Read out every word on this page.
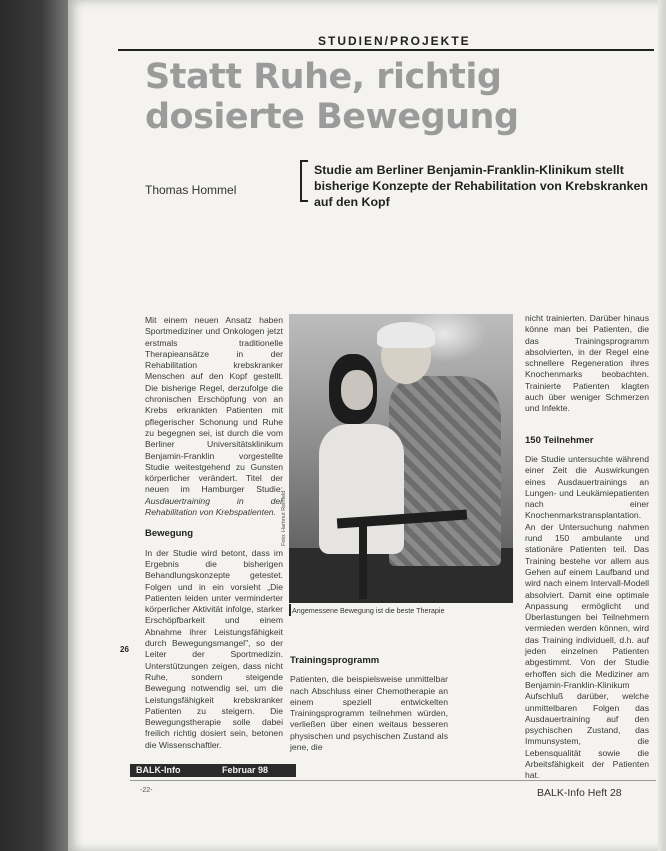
STUDIEN/PROJEKTE
Statt Ruhe, richtig dosierte Bewegung
Thomas Hommel
Studie am Berliner Benjamin-Franklin-Klinikum stellt bisherige Konzepte der Rehabilitation von Krebskranken auf den Kopf

Mit einem neuen Ansatz haben Sportmediziner und Onkologen jetzt erstmals traditionelle Therapieansätze in der Rehabilitation krebskranker Menschen auf den Kopf gestellt. Die bisherige Regel, derzufolge die chronischen Erschöpfung von an Krebs erkrankten Patienten mit pflegerischer Schonung und Ruhe zu begegnen sei, ist durch die vom Berliner Universitätsklinikum Benjamin-Franklin vorgestellte Studie weitestgehend zu Gunsten körperlicher verändert. Titel der neuen im Hamburger Studie: Ausdauertraining in der Rehabilitation von Krebspatienten.

Bewegung

In der Studie wird betont, dass im Ergebnis die bisherigen Behandlungskonzepte getestet. Folgen und in ein vorsieht „Die Patienten leiden unter verminderter körperlicher Aktivität infolge, starker Erschöpfbarkeit und einem Abnahme ihrer Leistungsfähigkeit durch Bewegungsmangel", so der Leiter der Sportmedizin. Unterstützungen zeigen, dass nicht Ruhe, sondern steigende Bewegung notwendig sei, um die Leistungsfähigkeit krebskranker Patienten zu steigern. Die Bewegungstherapie solle dabei freilich richtig dosiert sein, betonen die Wissenschaftler.

Foto: Hartmut Reinfeld
Angemessene Bewegung ist die beste Therapie
Trainingsprogramm

Patienten, die beispielsweise unmittelbar nach Abschluss einer Chemotherapie an einem speziell entwickelten Trainingsprogramm teilnehmen würden, verließen über einen weitaus besseren physischen und psychischen Zustand als jene, die

nicht trainierten. Darüber hinaus könne man bei Patienten, die das Trainingsprogramm absolvierten, in der Regel eine schnellere Regeneration ihres Knochenmarks beobachten. Trainierte Patienten klagten auch über weniger Schmerzen und Infekte.

150 Teilnehmer

Die Studie untersuchte während einer Zeit die Auswirkungen eines Ausdauertrainings an Lungen- und Leukämiepatienten nach einer Knochenmarkstransplantation. An der Untersuchung nahmen rund 150 ambulante und stationäre Patienten teil. Das Training bestehe vor allem aus Gehen auf einem Laufband und wird nach einem Intervall-Modell absolviert. Damit eine optimale Anpassung ermöglicht und Überlastungen bei Teilnehmern vermieden werden können, wird das Training individuell, d.h. auf jeden einzelnen Patienten abgestimmt. Von der Studie erhoffen sich die Mediziner am Benjamin-Franklin-Klinikum Aufschluß darüber, welche unmittelbaren Folgen das Ausdauertraining auf den psychischen Zustand, das Immunsystem, die Lebensqualität sowie die Arbeitsfähigkeit der Patienten hat.

26
BALK-Info	Februar 98
-22-	BALK-Info Heft 28
